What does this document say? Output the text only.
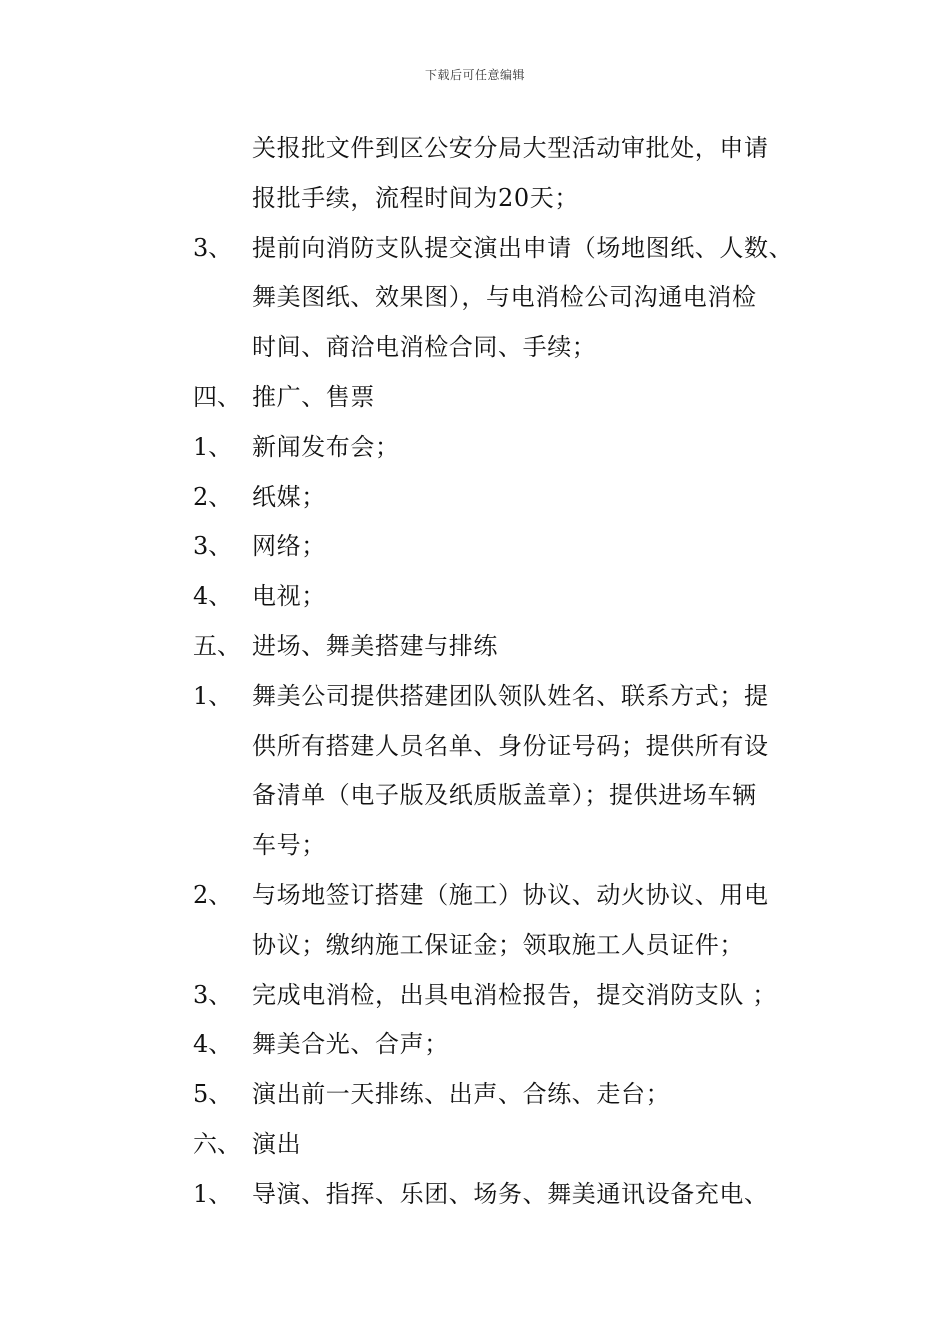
下载后可任意编辑
关报批文件到区公安分局大型活动审批处，申请
报批手续，流程时间为20天；
3、 提前向消防支队提交演出申请（场地图纸、人数、
舞美图纸、效果图），与电消检公司沟通电消检
时间、商洽电消检合同、手续；
四、 推广、售票
1、 新闻发布会；
2、 纸媒；
3、 网络；
4、 电视；
五、 进场、舞美搭建与排练
1、 舞美公司提供搭建团队领队姓名、联系方式；提
供所有搭建人员名单、身份证号码；提供所有设
备清单（电子版及纸质版盖章）；提供进场车辆
车号；
2、 与场地签订搭建（施工）协议、动火协议、用电
协议；缴纳施工保证金；领取施工人员证件；
3、 完成电消检，出具电消检报告，提交消防支队 ；
4、 舞美合光、合声；
5、 演出前一天排练、出声、合练、走台；
六、 演出
1、 导演、指挥、乐团、场务、舞美通讯设备充电、
